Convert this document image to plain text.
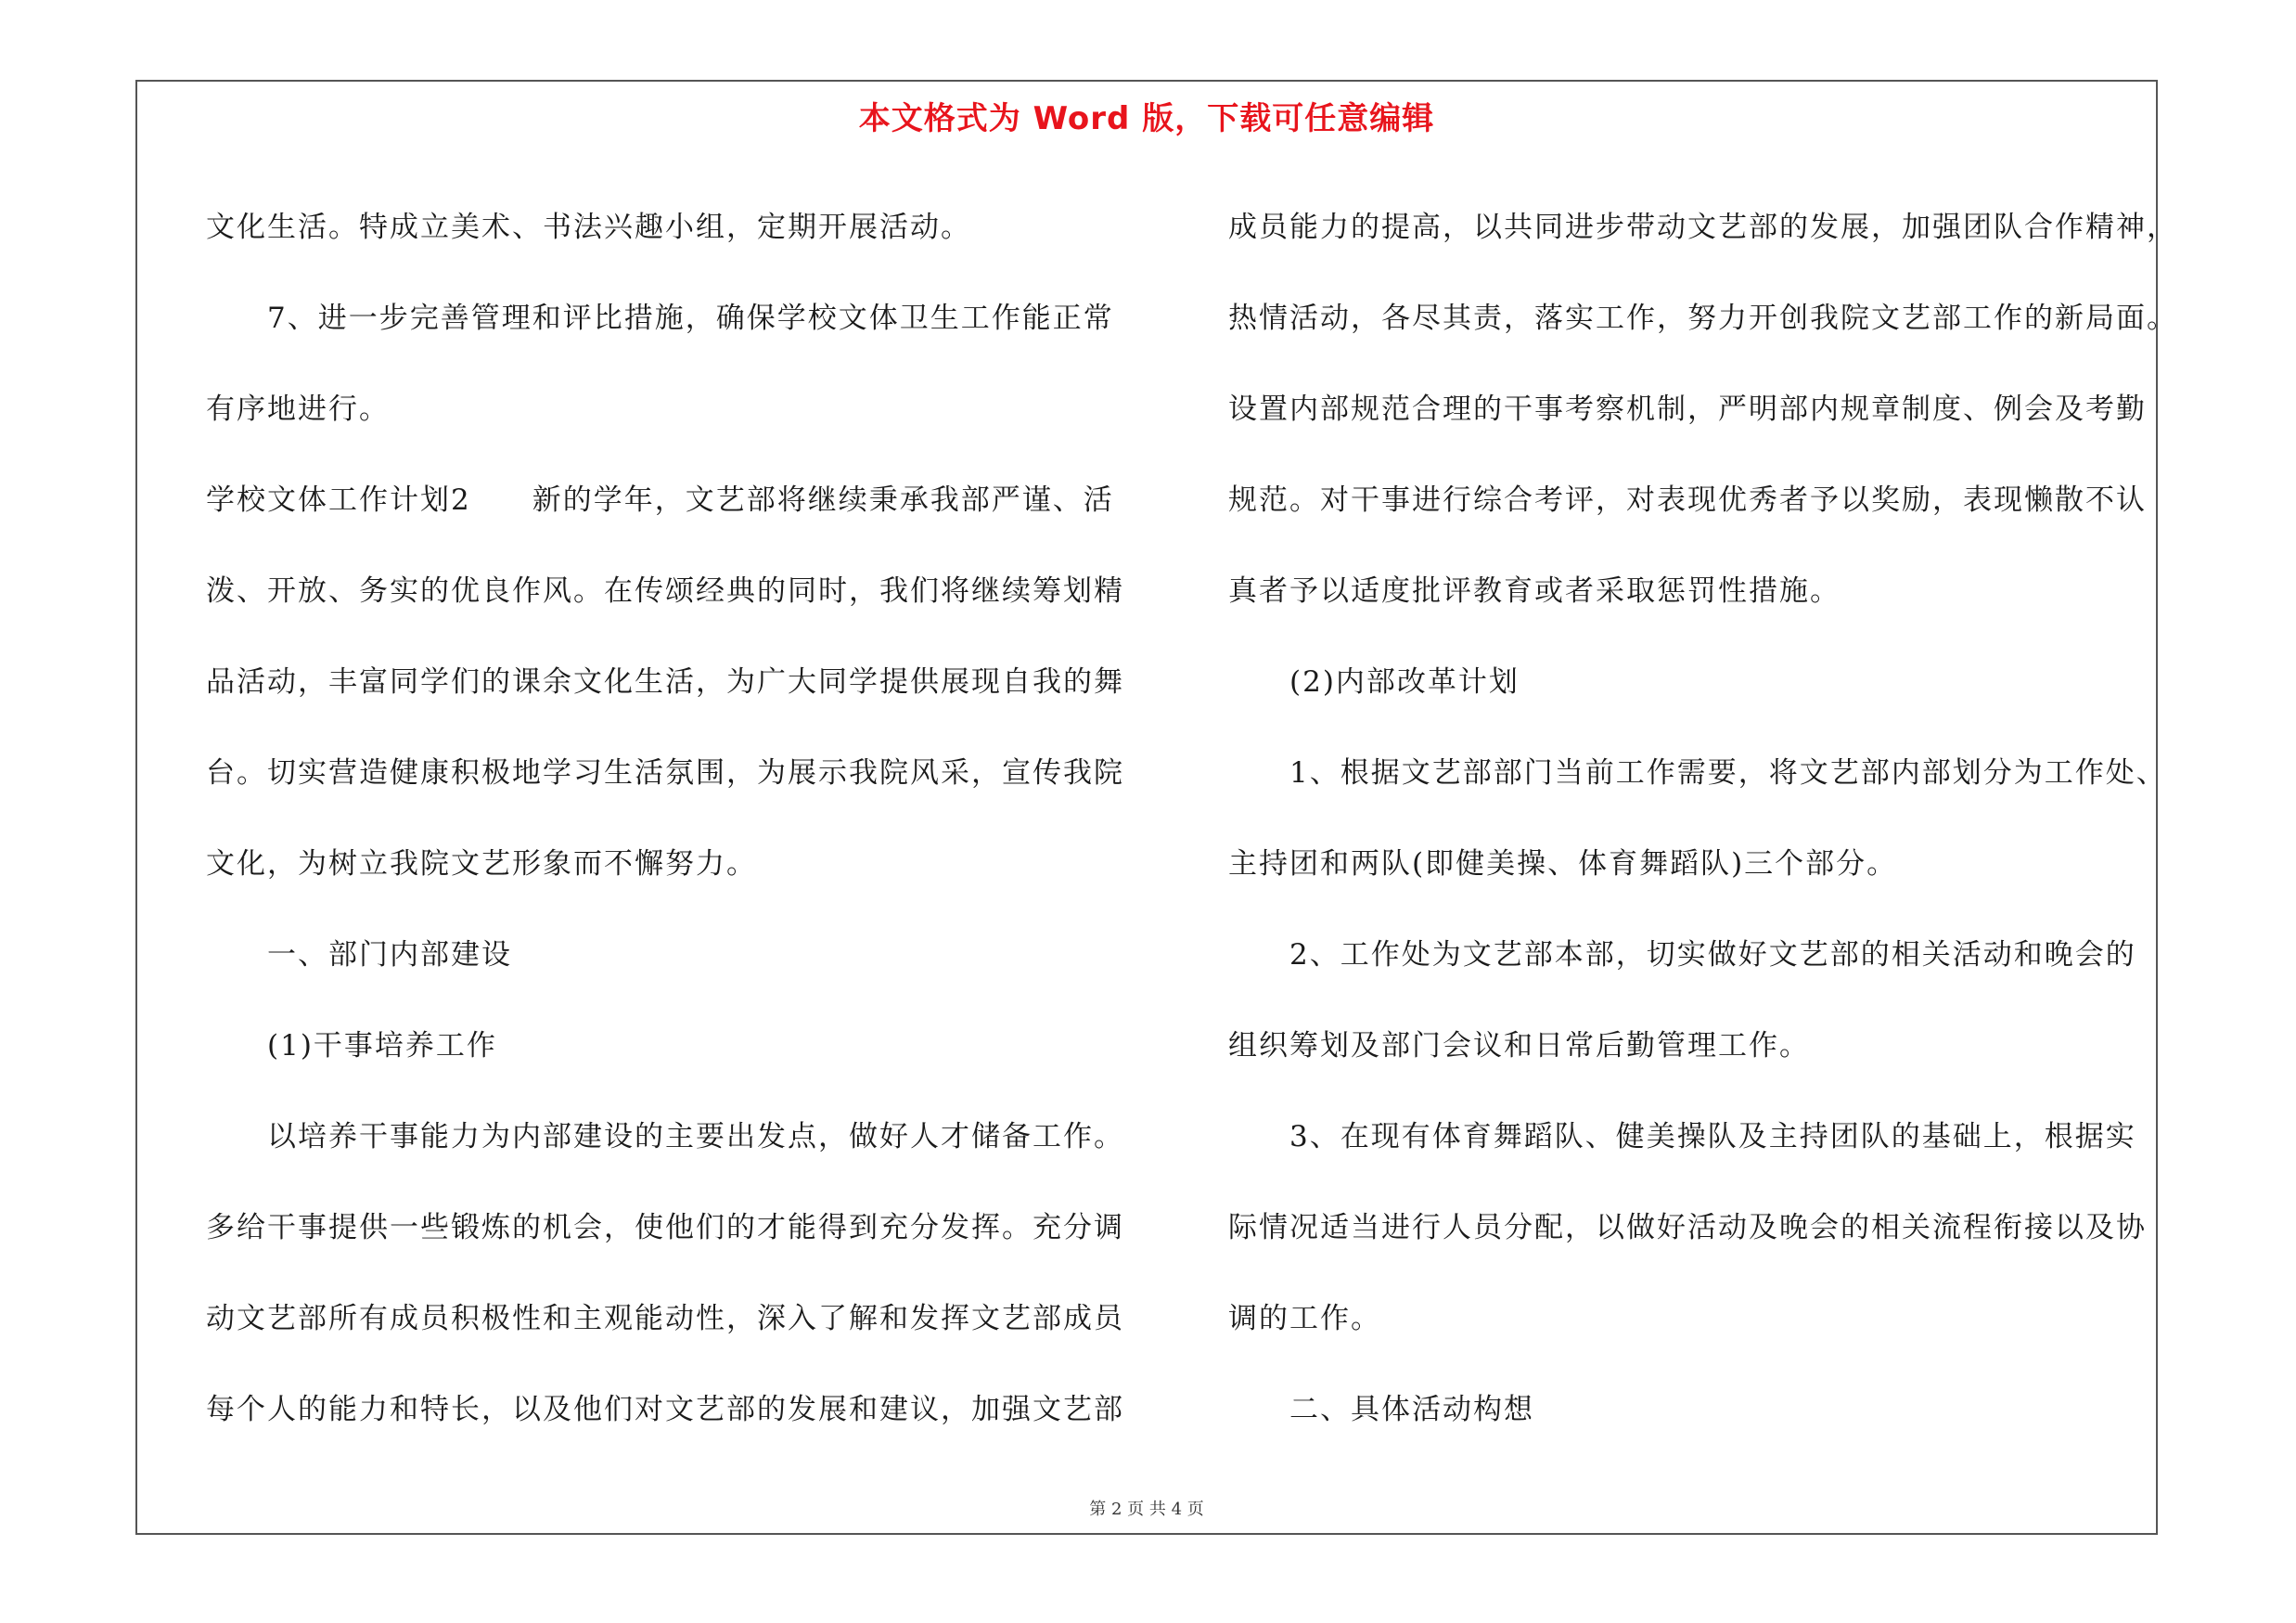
本文格式为 Word 版，下载可任意编辑

文化生活。特成立美术、书法兴趣小组，定期开展活动。

7、进一步完善管理和评比措施，确保学校文体卫生工作能正常

有序地进行。

学校文体工作计划2　　新的学年，文艺部将继续秉承我部严谨、活

泼、开放、务实的优良作风。在传颂经典的同时，我们将继续筹划精

品活动，丰富同学们的课余文化生活，为广大同学提供展现自我的舞

台。切实营造健康积极地学习生活氛围，为展示我院风采，宣传我院

文化，为树立我院文艺形象而不懈努力。

一、部门内部建设

(1)干事培养工作

以培养干事能力为内部建设的主要出发点，做好人才储备工作。

多给干事提供一些锻炼的机会，使他们的才能得到充分发挥。充分调

动文艺部所有成员积极性和主观能动性，深入了解和发挥文艺部成员

每个人的能力和特长，以及他们对文艺部的发展和建议，加强文艺部

成员能力的提高，以共同进步带动文艺部的发展，加强团队合作精神，

热情活动，各尽其责，落实工作，努力开创我院文艺部工作的新局面。

设置内部规范合理的干事考察机制，严明部内规章制度、例会及考勤

规范。对干事进行综合考评，对表现优秀者予以奖励，表现懒散不认

真者予以适度批评教育或者采取惩罚性措施。

(2)内部改革计划

1、根据文艺部部门当前工作需要，将文艺部内部划分为工作处、

主持团和两队(即健美操、体育舞蹈队)三个部分。

2、工作处为文艺部本部，切实做好文艺部的相关活动和晚会的

组织筹划及部门会议和日常后勤管理工作。

3、在现有体育舞蹈队、健美操队及主持团队的基础上，根据实

际情况适当进行人员分配，以做好活动及晚会的相关流程衔接以及协

调的工作。

二、具体活动构想

第 2 页 共 4 页
